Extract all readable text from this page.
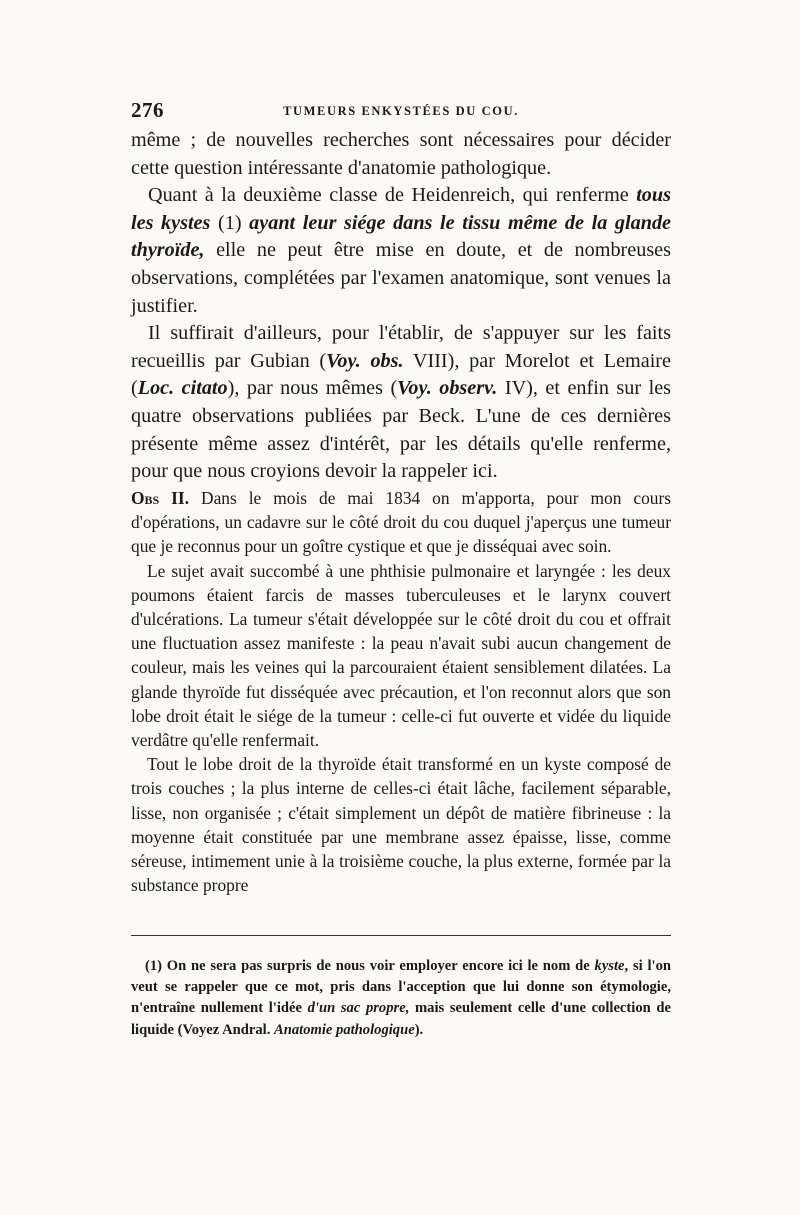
276	TUMEURS ENKYSTÉES DU COU.

même ; de nouvelles recherches sont nécessaires pour décider cette question intéressante d'anatomie pathologique.

Quant à la deuxième classe de Heidenreich, qui renferme tous les kystes (1) ayant leur siége dans le tissu même de la glande thyroïde, elle ne peut être mise en doute, et de nombreuses observations, complétées par l'examen anatomique, sont venues la justifier.

Il suffirait d'ailleurs, pour l'établir, de s'appuyer sur les faits recueillis par Gubian (Voy. obs. VIII), par Morelot et Lemaire (Loc. citato), par nous mêmes (Voy. observ. IV), et enfin sur les quatre observations publiées par Beck. L'une de ces dernières présente même assez d'intérêt, par les détails qu'elle renferme, pour que nous croyions devoir la rappeler ici.

Obs II. Dans le mois de mai 1834 on m'apporta, pour mon cours d'opérations, un cadavre sur le côté droit du cou duquel j'aperçus une tumeur que je reconnus pour un goître cystique et que je disséquai avec soin.

Le sujet avait succombé à une phthisie pulmonaire et laryngée : les deux poumons étaient farcis de masses tuberculeuses et le larynx couvert d'ulcérations. La tumeur s'était développée sur le côté droit du cou et offrait une fluctuation assez manifeste : la peau n'avait subi aucun changement de couleur, mais les veines qui la parcouraient étaient sensiblement dilatées. La glande thyroïde fut disséquée avec précaution, et l'on reconnut alors que son lobe droit était le siége de la tumeur : celle-ci fut ouverte et vidée du liquide verdâtre qu'elle renfermait.

Tout le lobe droit de la thyroïde était transformé en un kyste composé de trois couches ; la plus interne de celles-ci était lâche, facilement séparable, lisse, non organisée ; c'était simplement un dépôt de matière fibrineuse : la moyenne était constituée par une membrane assez épaisse, lisse, comme séreuse, intimement unie à la troisième couche, la plus externe, formée par la substance propre

(1) On ne sera pas surpris de nous voir employer encore ici le nom de kyste, si l'on veut se rappeler que ce mot, pris dans l'acception que lui donne son étymologie, n'entraîne nullement l'idée d'un sac propre, mais seulement celle d'une collection de liquide (Voyez Andral. Anatomie pathologique).
